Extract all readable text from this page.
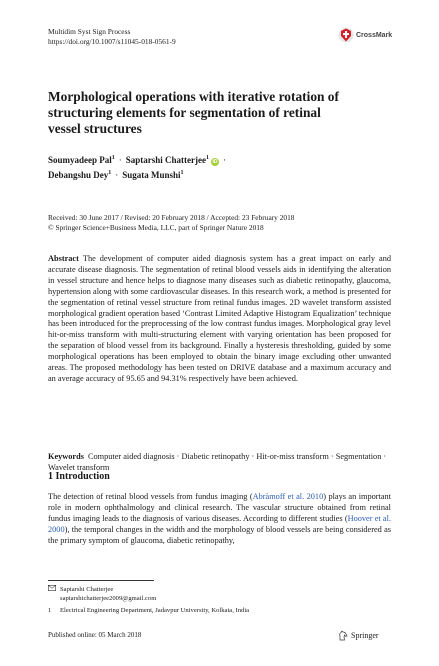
Multidim Syst Sign Process
https://doi.org/10.1007/s11045-018-0561-9
CrossMark
Morphological operations with iterative rotation of structuring elements for segmentation of retinal vessel structures
Soumyadeep Pal$^1$ · Saptarshi Chatterjee$^1$iD ·
Debangshu Dey$^1$ · Sugata Munshi$^1$
Received: 30 June 2017 / Revised: 20 February 2018 / Accepted: 23 February 2018
© Springer Science+Business Media, LLC, part of Springer Nature 2018

Abstract The development of computer aided diagnosis system has a great impact on early and accurate disease diagnosis. The segmentation of retinal blood vessels aids in identifying the alteration in vessel structure and hence helps to diagnose many diseases such as diabetic retinopathy, glaucoma, hypertension along with some cardiovascular diseases. In this research work, a method is presented for the segmentation of retinal vessel structure from retinal fundus images. 2D wavelet transform assisted morphological gradient operation based ‘Contrast Limited Adaptive Histogram Equalization’ technique has been introduced for the preprocessing of the low contrast fundus images. Morphological gray level hit-or-miss transform with multi-structuring element with varying orientation has been proposed for the separation of blood vessel from its background. Finally a hysteresis thresholding, guided by some morphological operations has been employed to obtain the binary image excluding other unwanted areas. The proposed methodology has been tested on DRIVE database and a maximum accuracy and an average accuracy of 95.65 and 94.31% respectively have been achieved.

Keywords Computer aided diagnosis · Diabetic retinopathy · Hit-or-miss transform · Segmentation · Wavelet transform

1 Introduction

The detection of retinal blood vessels from fundus imaging (Abràmoff et al. 2010) plays an important role in modern ophthalmology and clinical research. The vascular structure obtained from retinal fundus imaging leads to the diagnosis of various diseases. According to different studies (Hoover et al. 2000), the temporal changes in the width and the morphology of blood vessels are being considered as the primary symptom of glaucoma, diabetic retinopathy,

Saptarshi Chatterjee
saptarshichatterjee2009@gmail.com
1 Electrical Engineering Department, Jadavpur University, Kolkata, India
Published online: 05 March 2018	Springer
